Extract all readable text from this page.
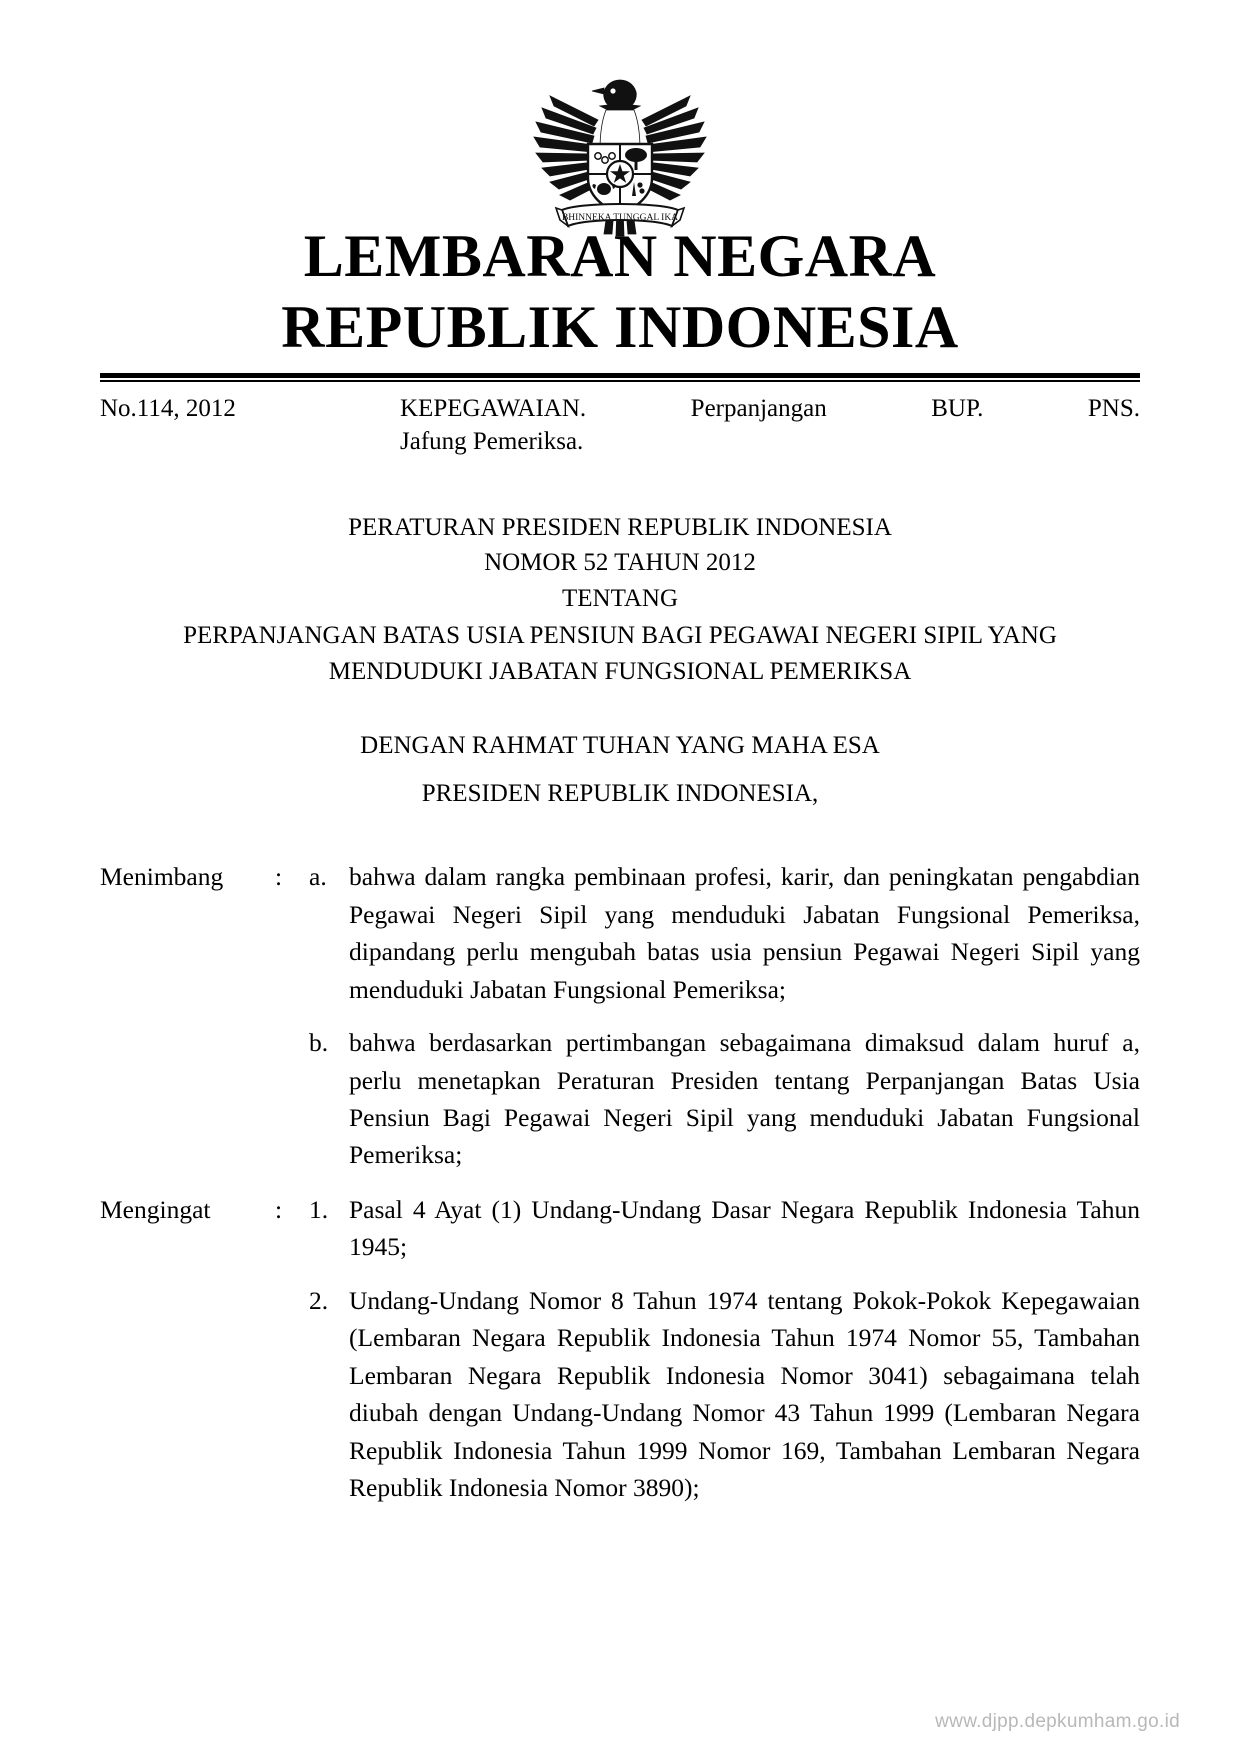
BHINNEKA TUNGGAL IKA
LEMBARAN NEGARA
REPUBLIK INDONESIA
No.114, 2012	KEPEGAWAIAN. Perpanjangan BUP. PNS.
Jafung Pemeriksa.
PERATURAN PRESIDEN REPUBLIK INDONESIA
NOMOR 52 TAHUN 2012
TENTANG
PERPANJANGAN BATAS USIA PENSIUN BAGI PEGAWAI NEGERI SIPIL YANG
MENDUDUKI JABATAN FUNGSIONAL PEMERIKSA
DENGAN RAHMAT TUHAN YANG MAHA ESA
PRESIDEN REPUBLIK INDONESIA,
Menimbang	:	a. bahwa dalam rangka pembinaan profesi, karir, dan peningkatan pengabdian Pegawai Negeri Sipil yang menduduki Jabatan Fungsional Pemeriksa, dipandang perlu mengubah batas usia pensiun Pegawai Negeri Sipil yang menduduki Jabatan Fungsional Pemeriksa;
b. bahwa berdasarkan pertimbangan sebagaimana dimaksud dalam huruf a, perlu menetapkan Peraturan Presiden tentang Perpanjangan Batas Usia Pensiun Bagi Pegawai Negeri Sipil yang menduduki Jabatan Fungsional Pemeriksa;
Mengingat	:	1. Pasal 4 Ayat (1) Undang-Undang Dasar Negara Republik Indonesia Tahun 1945;
2. Undang-Undang Nomor 8 Tahun 1974 tentang Pokok-Pokok Kepegawaian (Lembaran Negara Republik Indonesia Tahun 1974 Nomor 55, Tambahan Lembaran Negara Republik Indonesia Nomor 3041) sebagaimana telah diubah dengan Undang-Undang Nomor 43 Tahun 1999 (Lembaran Negara Republik Indonesia Tahun 1999 Nomor 169, Tambahan Lembaran Negara Republik Indonesia Nomor 3890);
www.djpp.depkumham.go.id
